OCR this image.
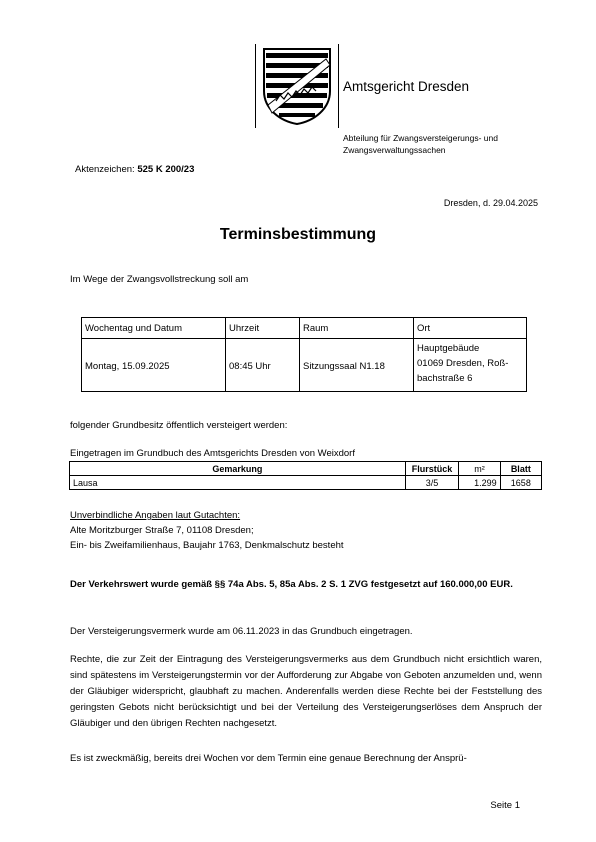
Amtsgericht Dresden
Abteilung für Zwangsversteigerungs- und Zwangsverwaltungssachen
Aktenzeichen: 525 K 200/23
Dresden, d. 29.04.2025
Terminsbestimmung
Im Wege der Zwangsvollstreckung soll am
Wochentag und Datum	Uhrzeit	Raum	Ort
Montag, 15.09.2025	08:45 Uhr	Sitzungssaal N1.18	Hauptgebäude
01069 Dresden, Roß-
bachstraße 6
folgender Grundbesitz öffentlich versteigert werden:
Eingetragen im Grundbuch des Amtsgerichts Dresden von Weixdorf
Gemarkung	Flurstück	m²	Blatt
Lausa	3/5	1.299	1658
Unverbindliche Angaben laut Gutachten:
Alte Moritzburger Straße 7, 01108 Dresden;
Ein- bis Zweifamilienhaus, Baujahr 1763, Denkmalschutz besteht
Der Verkehrswert wurde gemäß §§ 74a Abs. 5, 85a Abs. 2 S. 1 ZVG festgesetzt auf 160.000,00 EUR.
Der Versteigerungsvermerk wurde am 06.11.2023 in das Grundbuch eingetragen.
Rechte, die zur Zeit der Eintragung des Versteigerungsvermerks aus dem Grundbuch nicht ersichtlich waren, sind spätestens im Versteigerungstermin vor der Aufforderung zur Abgabe von Geboten anzumelden und, wenn der Gläubiger widerspricht, glaubhaft zu machen. Anderenfalls werden diese Rechte bei der Feststellung des geringsten Gebots nicht berücksichtigt und bei der Verteilung des Versteigerungserlöses dem Anspruch der Gläubiger und den übrigen Rechten nachgesetzt.
Es ist zweckmäßig, bereits drei Wochen vor dem Termin eine genaue Berechnung der Ansprü-
Seite 1
